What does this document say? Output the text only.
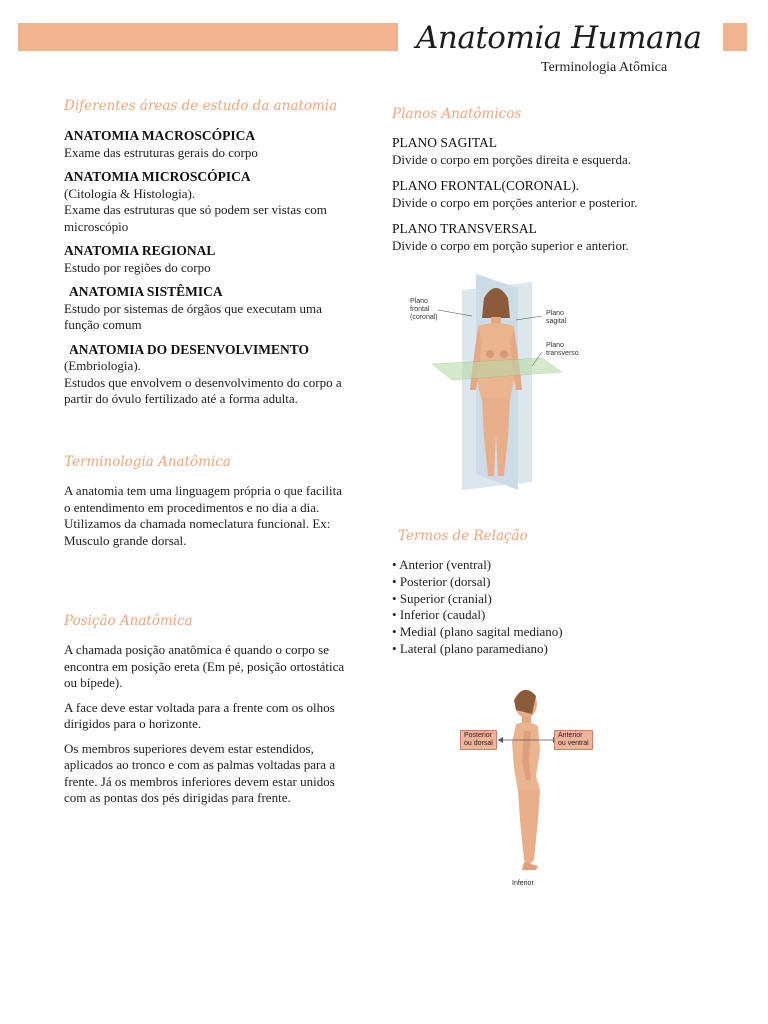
Anatomia Humana
Terminologia Atômica
Diferentes áreas de estudo da anatomia
ANATOMIA MACROSCÓPICA
Exame das estruturas gerais do corpo
ANATOMIA MICROSCÓPICA
(Citologia & Histologia).
Exame das estruturas que só podem ser vistas com
microscópio
ANATOMIA REGIONAL
Estudo por regiões do corpo
ANATOMIA SISTÊMICA
Estudo por sistemas de órgãos que executam uma
função comum
ANATOMIA DO DESENVOLVIMENTO
(Embriologia).
Estudos que envolvem o desenvolvimento do corpo a
partir do óvulo fertilizado até a forma adulta.
Terminologia Anatômica
A anatomia tem uma linguagem própria o que facilita
o entendimento em procedimentos e no dia a dia.
Utilizamos da chamada nomeclatura funcional. Ex:
Musculo grande dorsal.
Posição Anatômica
A chamada posição anatômica é quando o corpo se
encontra em posição ereta (Em pé, posição ortostática
ou bípede).
A face deve estar voltada para a frente com os olhos
dirigidos para o horizonte.
Os membros superiores devem estar estendidos,
aplicados ao tronco e com as palmas voltadas para a
frente. Já os membros inferiores devem estar unidos
com as pontas dos pés dirigidas para frente.
Planos Anatômicos
PLANO SAGITAL
Divide o corpo em porções direita e esquerda.
PLANO FRONTAL(CORONAL).
Divide o corpo em porções anterior e posterior.
PLANO TRANSVERSAL
Divide o corpo em porção superior e anterior.
Plano
frontal
(coronal)
Plano
sagital
Plano
transverso
Termos de Relação
• Anterior (ventral)
• Posterior (dorsal)
• Superior (cranial)
• Inferior (caudal)
• Medial (plano sagital mediano)
• Lateral (plano paramediano)
Posterior
ou dorsal
Anterior
ou ventral
Inferior
